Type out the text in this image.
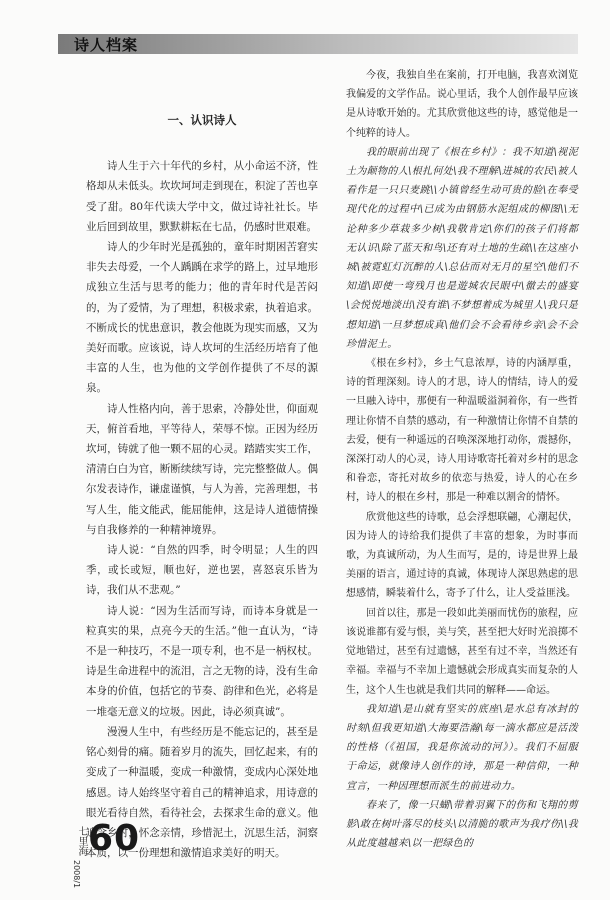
诗人档案
一、认识诗人

诗人生于六十年代的乡村，从小命运不济，性格却从未低头。坎坎坷坷走到现在，积淀了苦也享受了甜。80年代读大学中文，做过诗社社长。毕业后回到故里，默默耕耘在七品，仍感时世艰难。

诗人的少年时光是孤独的，童年时期困苦窘实非失去母爱，一个人踽踽在求学的路上，过早地形成独立生活与思考的能力；他的青年时代是苦闷的，为了爱情，为了理想，积极求索，执着追求。不断成长的忧患意识，教会他既为现实而感，又为美好而歌。应该说，诗人坎坷的生活经历培育了他丰富的人生，也为他的文学创作提供了不尽的源泉。

诗人性格内向，善于思索，冷静处世，仰面观天，俯首看地，平等待人，荣辱不惊。正因为经历坎坷，铸就了他一颗不屈的心灵。踏踏实实工作，清清白白为官，断断续续写诗，完完整整做人。偶尔发表诗作，谦虚谨慎，与人为善，完善理想，书写人生，能文能武，能屈能伸，这是诗人道德情操与自我修养的一种精神境界。

诗人说：“自然的四季，时令明显；人生的四季，或长或短，顺也好，逆也罢，喜怒哀乐皆为诗，我们从不悲观。”

诗人说：“因为生活而写诗，而诗本身就是一粒真实的果，点亮今天的生活。”他一直认为，“诗不是一种技巧，不是一项专利，也不是一柄权杖。诗是生命进程中的流泪，言之无物的诗，没有生命本身的价值，包括它的节奏、韵律和色光，必将是一堆毫无意义的垃圾。因此，诗必须真诚”。

漫漫人生中，有些经历是不能忘记的，甚至是铭心刻骨的痛。随着岁月的流失，回忆起来，有的变成了一种温暖，变成一种激情，变成内心深处地感恩。诗人始终坚守着自己的精神追求，用诗意的眼光看待自然，看待社会，去探求生命的意义。他追念乡村，怀念亲情，珍惜泥土，沉思生活，洞察本质，以一份理想和激情追求美好的明天。

今夜，我独自坐在案前，打开电脑，我喜欢浏览我偏爱的文学作品。说心里话，我个人创作最早应该是从诗歌开始的。尤其欣赏他这些的诗，感觉他是一个纯粹的诗人。

我的眼前出现了《根在乡村》：我不知道\视泥土为颠物的人\根扎何处\我不理解\进城的农民\被人看作是一只只麦跳\\小镇曾经生动可贵的脸\在奉受现代化的过程中\已成为由钢筋水泥组成的柳图\\无论种多少草栽多少树\我敬肯定\你们的孩子们将都无认识\除了蓝天和鸟\还有对土地的生疏\\在这座小城\被霓虹灯沉醉的人\总佔而对无月的星空\他们不知道\即使一弯残月也是遊城农民眼中\徹去的盛宴\会悦悦地淡出\没有谁\不梦想着成为城里人\我只是想知道\一旦梦想成真\他们会不会看待乡亲\会不会珍惜泥土。

《根在乡村》，乡土气息浓厚，诗的内涵厚重，诗的哲理深刻。诗人的才思，诗人的情结，诗人的爱一旦融入诗中，那便有一种温暖溢洞着你，有一些哲理让你情不自禁的感动，有一种激情让你情不自禁的去爱，便有一种遥远的召唤深深地打动你，震撼你，深深打动人的心灵，诗人用诗歌寄托着对乡村的思念和眷恋，寄托对故乡的依恋与热爱，诗人的心在乡村，诗人的根在乡村，那是一种难以割舍的情怀。

欣赏他这些的诗歌，总会浮想联翩，心潮起伏，因为诗人的诗给我们提供了丰富的想象，为时事而歌，为真诚所动，为人生而写，是的，诗是世界上最美丽的语言，通过诗的真诚，体现诗人深思熟虑的思想感情，瞬装着什么，寄予了什么，让人受益匪浅。

回首以往，那是一段如此美丽而忧伤的旅程，应该说谁都有爱与恨，美与笑，甚至把大好时光浪掷不觉地错过，甚至有过遗憾，甚至有过不幸，当然还有幸福。幸福与不幸加上遗憾就会形成真实而复杂的人生，这个人生也就是我们共同的解释——命运。

我知道\是山就有坚实的底座\是水总有冰封的时刻\但我更知道\大海要浩瀚\每一滴水都应是活泼的性格（《祖国，我是你流动的河》）。我们不屈服于命运，就像诗人创作的诗，那是一种信仰，一种宣言，一种因理想而派生的前进动力。

春来了，像一只蝴\带着羽翼下的伤和飞翔的剪影\敢在树叶落尽的枝头\以清脆的歌声为我疗伤\\我从此度越越来\以一把绿色的

七里海
2008/1
60
